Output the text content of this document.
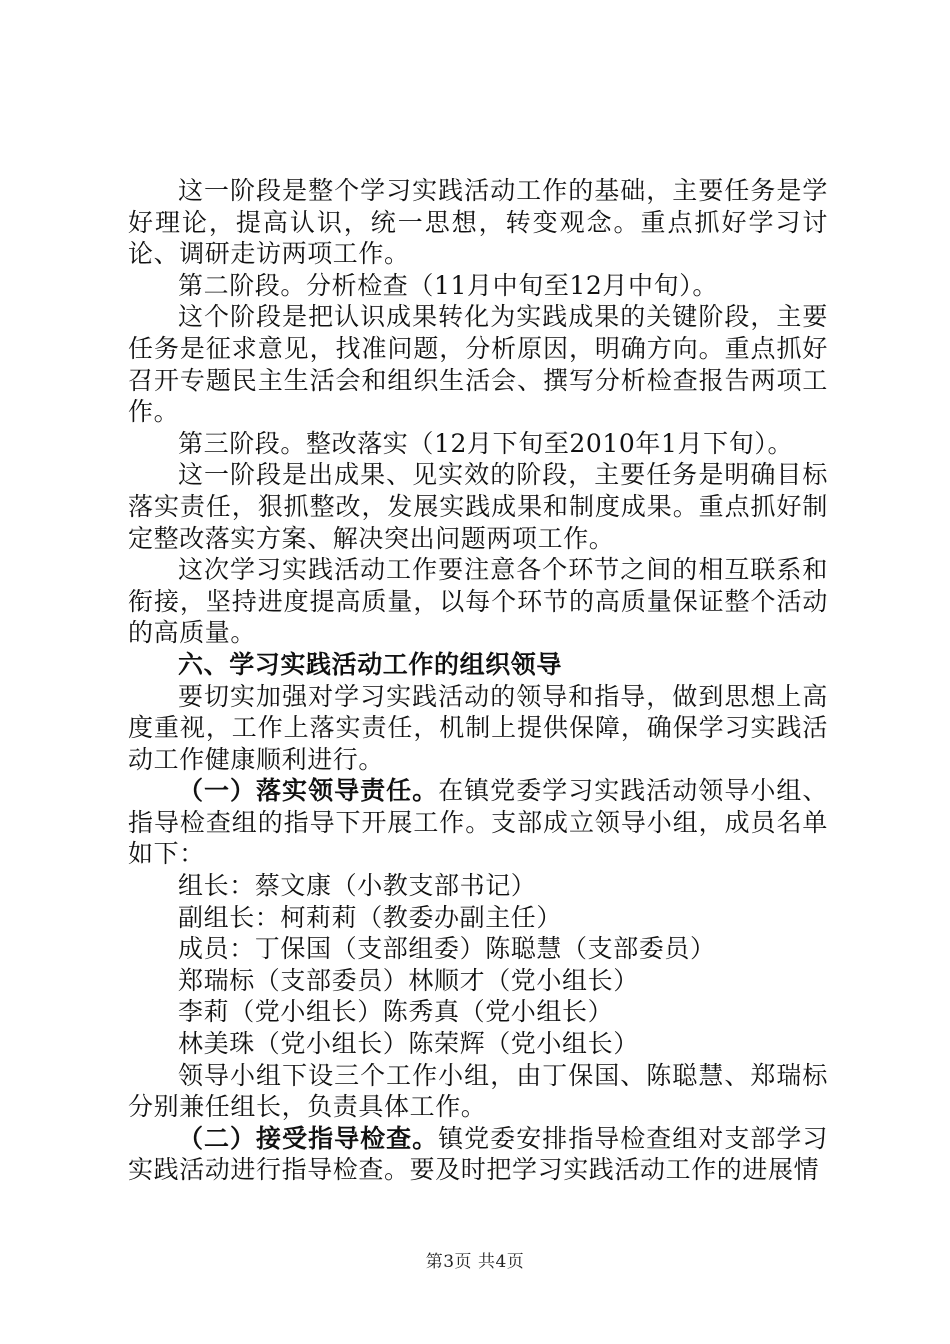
这一阶段是整个学习实践活动工作的基础，主要任务是学好理论，提高认识，统一思想，转变观念。重点抓好学习讨论、调研走访两项工作。

第二阶段。分析检查（11月中旬至12月中旬）。

这个阶段是把认识成果转化为实践成果的关键阶段，主要任务是征求意见，找准问题，分析原因，明确方向。重点抓好召开专题民主生活会和组织生活会、撰写分析检查报告两项工作。

第三阶段。整改落实（12月下旬至2010年1月下旬）。

这一阶段是出成果、见实效的阶段，主要任务是明确目标落实责任，狠抓整改，发展实践成果和制度成果。重点抓好制定整改落实方案、解决突出问题两项工作。

这次学习实践活动工作要注意各个环节之间的相互联系和衔接，坚持进度提高质量，以每个环节的高质量保证整个活动的高质量。

六、学习实践活动工作的组织领导

要切实加强对学习实践活动的领导和指导，做到思想上高度重视，工作上落实责任，机制上提供保障，确保学习实践活动工作健康顺利进行。

（一）落实领导责任。在镇党委学习实践活动领导小组、指导检查组的指导下开展工作。支部成立领导小组，成员名单如下：

组长：蔡文康（小教支部书记）

副组长：柯莉莉（教委办副主任）

成员：丁保国（支部组委）陈聪慧（支部委员）

郑瑞标（支部委员）林顺才（党小组长）

李莉（党小组长）陈秀真（党小组长）

林美珠（党小组长）陈荣辉（党小组长）

领导小组下设三个工作小组，由丁保国、陈聪慧、郑瑞标分别兼任组长，负责具体工作。

（二）接受指导检查。镇党委安排指导检查组对支部学习实践活动进行指导检查。要及时把学习实践活动工作的进展情

第3页 共4页
